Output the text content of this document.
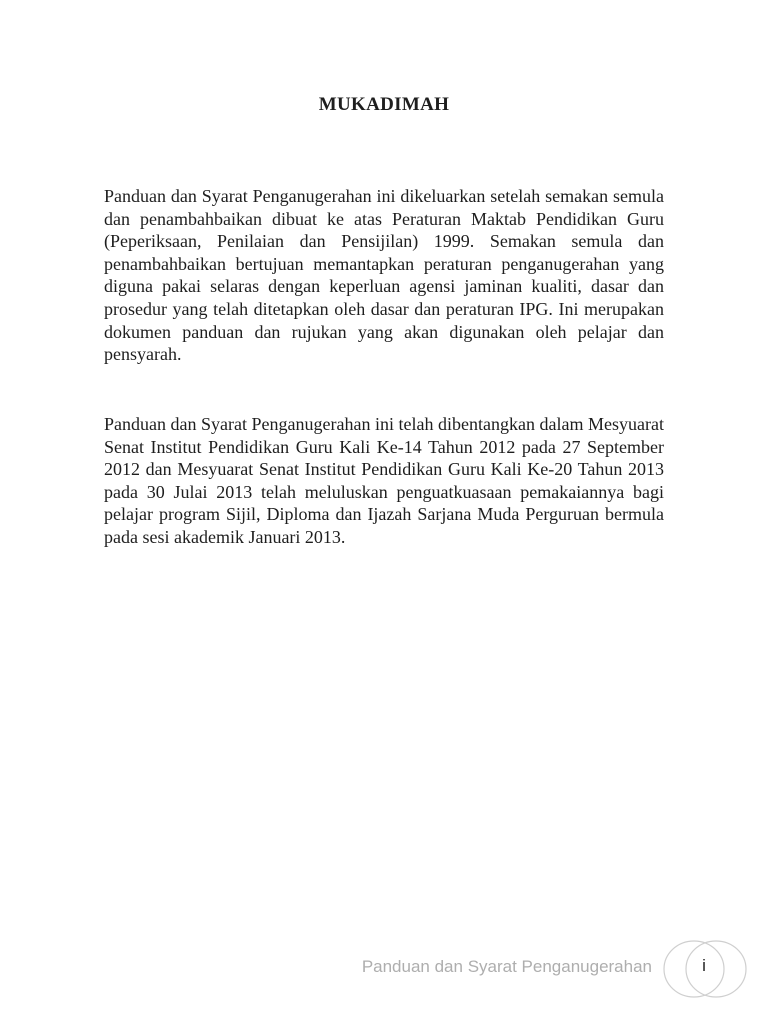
MUKADIMAH

Panduan dan Syarat Penganugerahan ini dikeluarkan setelah semakan semula dan penambahbaikan dibuat ke atas Peraturan Maktab Pendidikan Guru (Peperiksaan, Penilaian dan Pensijilan) 1999. Semakan semula dan penambahbaikan bertujuan memantapkan peraturan penganugerahan yang diguna pakai selaras dengan keperluan agensi jaminan kualiti, dasar dan prosedur yang telah ditetapkan oleh dasar dan peraturan IPG. Ini merupakan dokumen panduan dan rujukan yang akan digunakan oleh pelajar dan pensyarah.

Panduan dan Syarat Penganugerahan ini telah dibentangkan dalam Mesyuarat Senat Institut Pendidikan Guru Kali Ke-14 Tahun 2012 pada 27 September 2012 dan Mesyuarat Senat Institut Pendidikan Guru Kali Ke-20 Tahun 2013 pada 30 Julai 2013 telah meluluskan penguatkuasaan pemakaiannya bagi pelajar program Sijil, Diploma dan Ijazah Sarjana Muda Perguruan bermula pada sesi akademik Januari 2013.

Panduan dan Syarat Penganugerahan	i
